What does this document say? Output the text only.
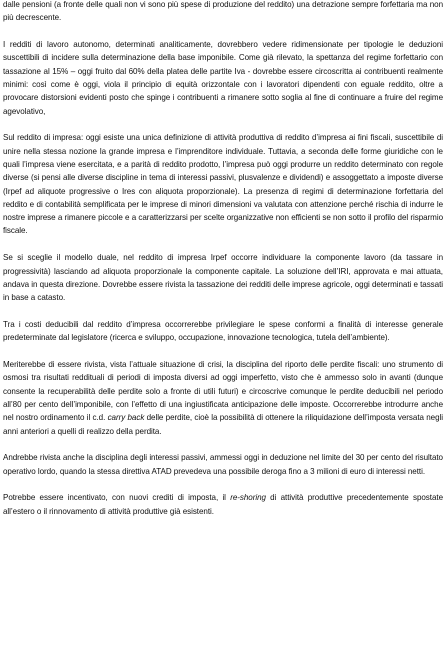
dalle pensioni (a fronte delle quali non vi sono più spese di produzione del reddito) una detrazione sempre forfettaria ma non più decrescente.

I redditi di lavoro autonomo, determinati analiticamente, dovrebbero vedere ridimensionate per tipologie le deduzioni suscettibili di incidere sulla determinazione della base imponibile. Come già rilevato, la spettanza del regime forfettario con tassazione al 15% – oggi fruito dal 60% della platea delle partite Iva - dovrebbe essere circoscritta ai contribuenti realmente minimi: così come è oggi, viola il principio di equità orizzontale con i lavoratori dipendenti con eguale reddito, oltre a provocare distorsioni evidenti posto che spinge i contribuenti a rimanere sotto soglia al fine di continuare a fruire del regime agevolativo,

Sul reddito di impresa: oggi esiste una unica definizione di attività produttiva di reddito d’impresa ai fini fiscali, suscettibile di unire nella stessa nozione la grande impresa e l’imprenditore individuale. Tuttavia, a seconda delle forme giuridiche con le quali l’impresa viene esercitata, e a parità di reddito prodotto, l’impresa può oggi produrre un reddito determinato con regole diverse (si pensi alle diverse discipline in tema di interessi passivi, plusvalenze e dividendi) e assoggettato a imposte diverse (Irpef ad aliquote progressive o Ires con aliquota proporzionale). La presenza di regimi di determinazione forfettaria del reddito e di contabilità semplificata per le imprese di minori dimensioni va valutata con attenzione perché rischia di indurre le nostre imprese a rimanere piccole e a caratterizzarsi per scelte organizzative non efficienti se non sotto il profilo del risparmio fiscale.

Se si sceglie il modello duale, nel reddito di impresa Irpef occorre individuare la componente lavoro (da tassare in progressività) lasciando ad aliquota proporzionale la componente capitale. La soluzione dell’IRI, approvata e mai attuata, andava in questa direzione. Dovrebbe essere rivista la tassazione dei redditi delle imprese agricole, oggi determinati e tassati in base a catasto.

Tra i costi deducibili dal reddito d’impresa occorrerebbe privilegiare le spese conformi a finalità di interesse generale predeterminate dal legislatore (ricerca e sviluppo, occupazione, innovazione tecnologica, tutela dell’ambiente).

Meriterebbe di essere rivista, vista l’attuale situazione di crisi, la disciplina del riporto delle perdite fiscali: uno strumento di osmosi tra risultati reddituali di periodi di imposta diversi ad oggi imperfetto, visto che è ammesso solo in avanti (dunque consente la recuperabilità delle perdite solo a fronte di utili futuri) e circoscrive comunque le perdite deducibili nel periodo all’80 per cento dell’imponibile, con l’effetto di una ingiustificata anticipazione delle imposte. Occorrerebbe introdurre anche nel nostro ordinamento il c.d. carry back delle perdite, cioè la possibilità di ottenere la riliquidazione dell’imposta versata negli anni anteriori a quelli di realizzo della perdita.

Andrebbe rivista anche la disciplina degli interessi passivi, ammessi oggi in deduzione nel limite del 30 per cento del risultato operativo lordo, quando la stessa direttiva ATAD prevedeva una possibile deroga fino a 3 milioni di euro di interessi netti.

Potrebbe essere incentivato, con nuovi crediti di imposta, il re-shoring di attività produttive precedentemente spostate all’estero o il rinnovamento di attività produttive già esistenti.
